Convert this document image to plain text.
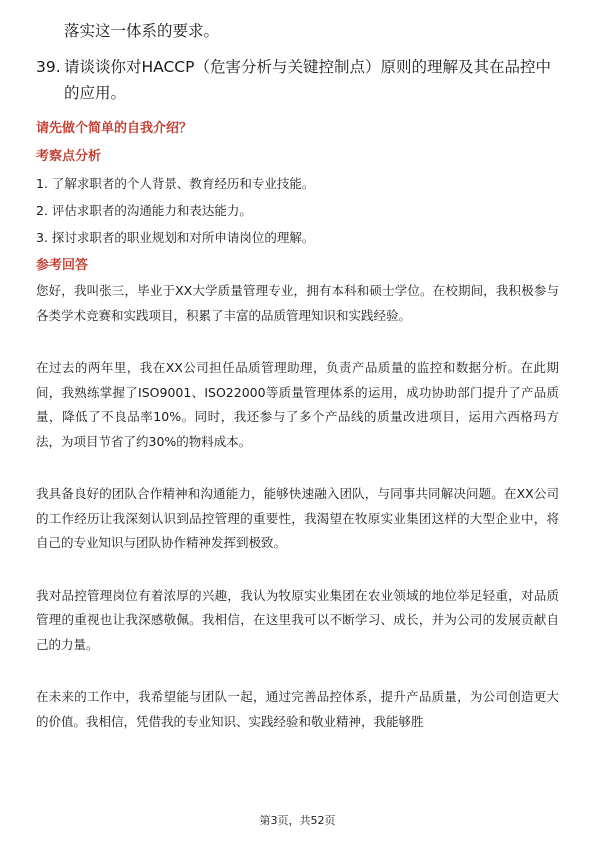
落实这一体系的要求。

39. 请谈谈你对HACCP（危害分析与关键控制点）原则的理解及其在品控中的应用。
请先做个简单的自我介绍？
考察点分析
1. 了解求职者的个人背景、教育经历和专业技能。
2. 评估求职者的沟通能力和表达能力。
3. 探讨求职者的职业规划和对所申请岗位的理解。
参考回答

您好，我叫张三，毕业于XX大学质量管理专业，拥有本科和硕士学位。在校期间，我积极参与各类学术竞赛和实践项目，积累了丰富的品质管理知识和实践经验。

在过去的两年里，我在XX公司担任品质管理助理，负责产品质量的监控和数据分析。在此期间，我熟练掌握了ISO9001、ISO22000等质量管理体系的运用，成功协助部门提升了产品质量，降低了不良品率10%。同时，我还参与了多个产品线的质量改进项目，运用六西格玛方法，为项目节省了约30%的物料成本。

我具备良好的团队合作精神和沟通能力，能够快速融入团队，与同事共同解决问题。在XX公司的工作经历让我深刻认识到品控管理的重要性，我渴望在牧原实业集团这样的大型企业中，将自己的专业知识与团队协作精神发挥到极致。

我对品控管理岗位有着浓厚的兴趣，我认为牧原实业集团在农业领域的地位举足轻重，对品质管理的重视也让我深感敬佩。我相信，在这里我可以不断学习、成长，并为公司的发展贡献自己的力量。

在未来的工作中，我希望能与团队一起，通过完善品控体系，提升产品质量，为公司创造更大的价值。我相信，凭借我的专业知识、实践经验和敬业精神，我能够胜

第3页，共52页
